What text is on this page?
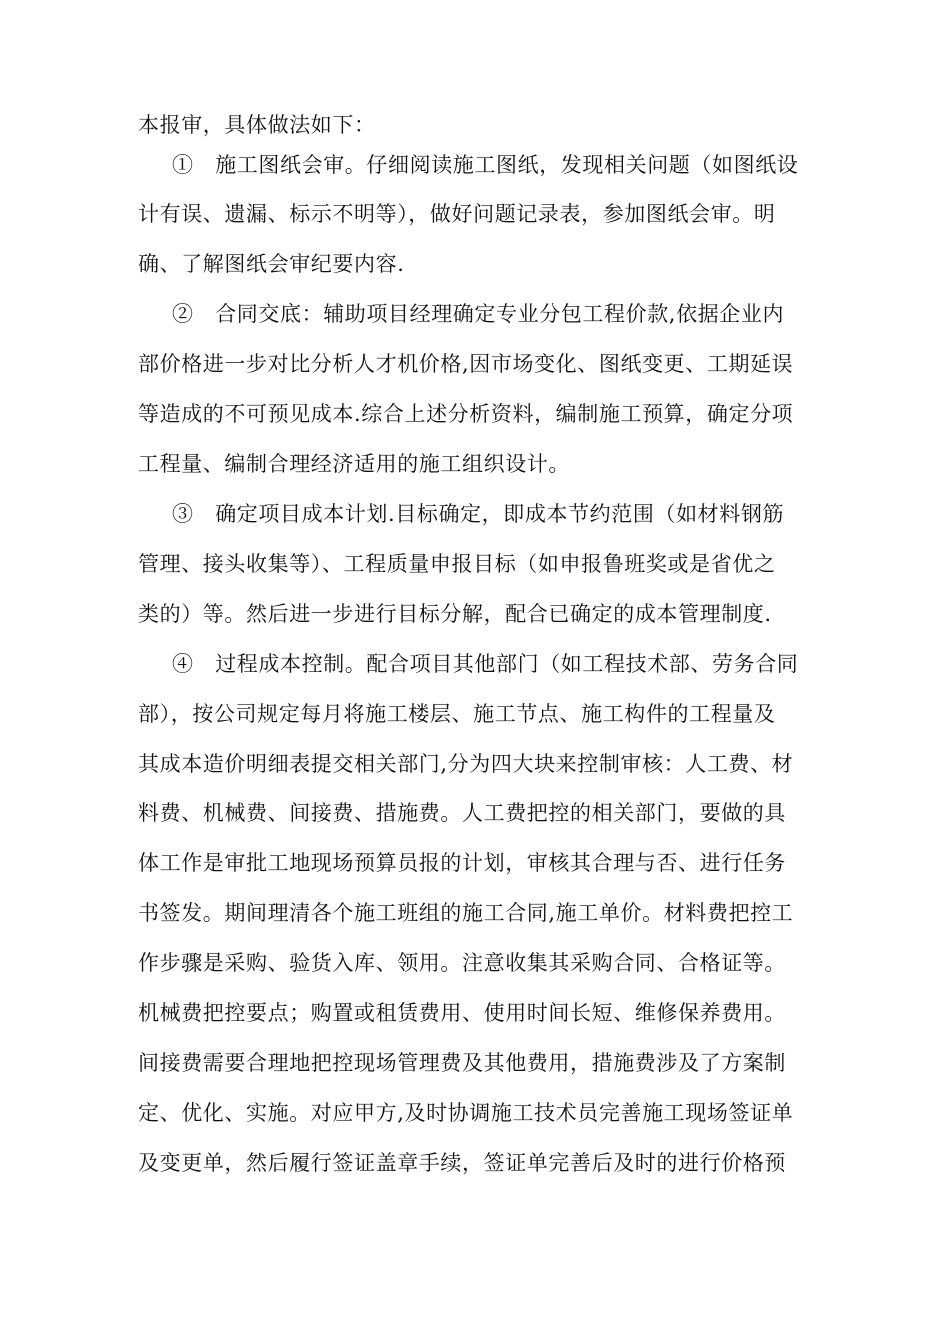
本报审，具体做法如下：
①　施工图纸会审。仔细阅读施工图纸，发现相关问题（如图纸设
计有误、遗漏、标示不明等），做好问题记录表，参加图纸会审。明
确、了解图纸会审纪要内容.
②　合同交底：辅助项目经理确定专业分包工程价款,依据企业内
部价格进一步对比分析人才机价格,因市场变化、图纸变更、工期延误
等造成的不可预见成本.综合上述分析资料，编制施工预算，确定分项
工程量、编制合理经济适用的施工组织设计。
③　确定项目成本计划.目标确定，即成本节约范围（如材料钢筋
管理、接头收集等）、工程质量申报目标（如申报鲁班奖或是省优之
类的）等。然后进一步进行目标分解，配合已确定的成本管理制度.
④　过程成本控制。配合项目其他部门（如工程技术部、劳务合同
部），按公司规定每月将施工楼层、施工节点、施工构件的工程量及
其成本造价明细表提交相关部门,分为四大块来控制审核：人工费、材
料费、机械费、间接费、措施费。人工费把控的相关部门，要做的具
体工作是审批工地现场预算员报的计划，审核其合理与否、进行任务
书签发。期间理清各个施工班组的施工合同,施工单价。材料费把控工
作步骤是采购、验货入库、领用。注意收集其采购合同、合格证等。
机械费把控要点；购置或租赁费用、使用时间长短、维修保养费用。
间接费需要合理地把控现场管理费及其他费用，措施费涉及了方案制
定、优化、实施。对应甲方,及时协调施工技术员完善施工现场签证单
及变更单，然后履行签证盖章手续，签证单完善后及时的进行价格预
